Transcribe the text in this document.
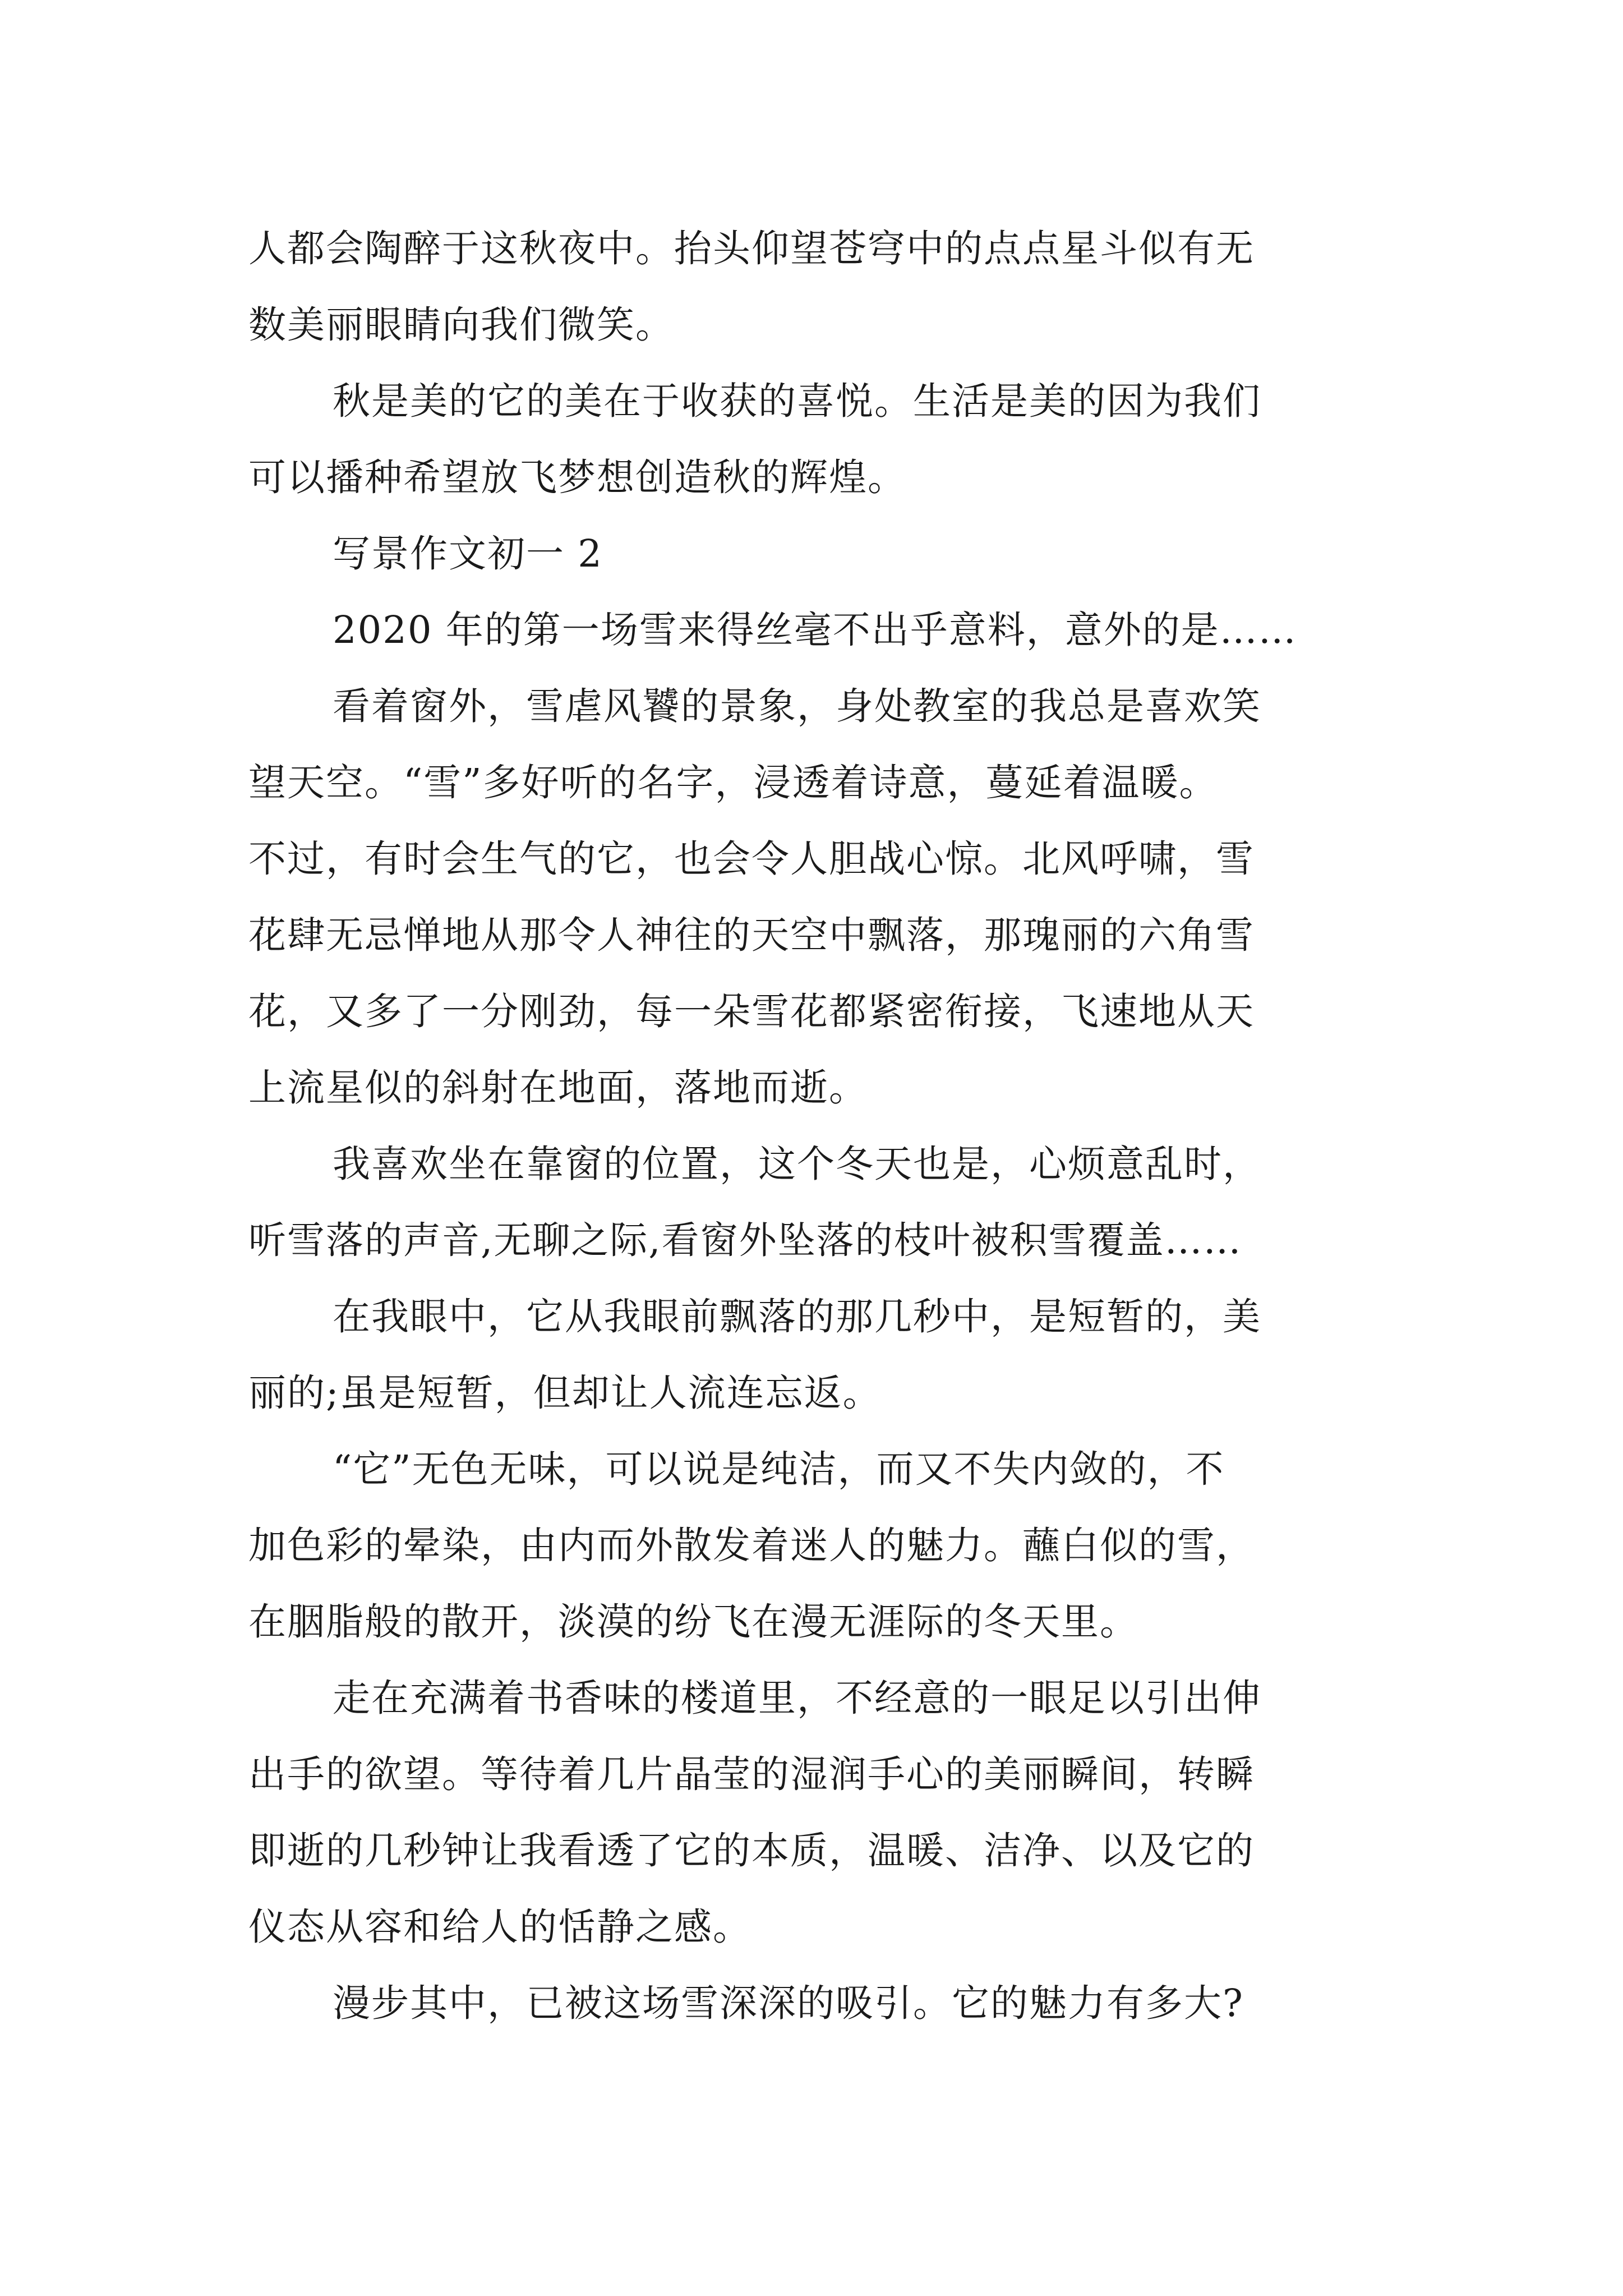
人都会陶醉于这秋夜中。抬头仰望苍穹中的点点星斗似有无
数美丽眼睛向我们微笑。
秋是美的它的美在于收获的喜悦。生活是美的因为我们
可以播种希望放飞梦想创造秋的辉煌。
写景作文初一 2
2020 年的第一场雪来得丝毫不出乎意料，意外的是……
看着窗外，雪虐风饕的景象，身处教室的我总是喜欢笑
望天空。“雪”多好听的名字，浸透着诗意，蔓延着温暖。
不过，有时会生气的它，也会令人胆战心惊。北风呼啸，雪
花肆无忌惮地从那令人神往的天空中飘落，那瑰丽的六角雪
花，又多了一分刚劲，每一朵雪花都紧密衔接，飞速地从天
上流星似的斜射在地面，落地而逝。
我喜欢坐在靠窗的位置，这个冬天也是，心烦意乱时，
听雪落的声音,无聊之际,看窗外坠落的枝叶被积雪覆盖……
在我眼中，它从我眼前飘落的那几秒中，是短暂的，美
丽的;虽是短暂，但却让人流连忘返。
“它”无色无味，可以说是纯洁，而又不失内敛的，不
加色彩的晕染，由内而外散发着迷人的魅力。蘸白似的雪，
在胭脂般的散开，淡漠的纷飞在漫无涯际的冬天里。
走在充满着书香味的楼道里，不经意的一眼足以引出伸
出手的欲望。等待着几片晶莹的湿润手心的美丽瞬间，转瞬
即逝的几秒钟让我看透了它的本质，温暖、洁净、以及它的
仪态从容和给人的恬静之感。
漫步其中，已被这场雪深深的吸引。它的魅力有多大?
